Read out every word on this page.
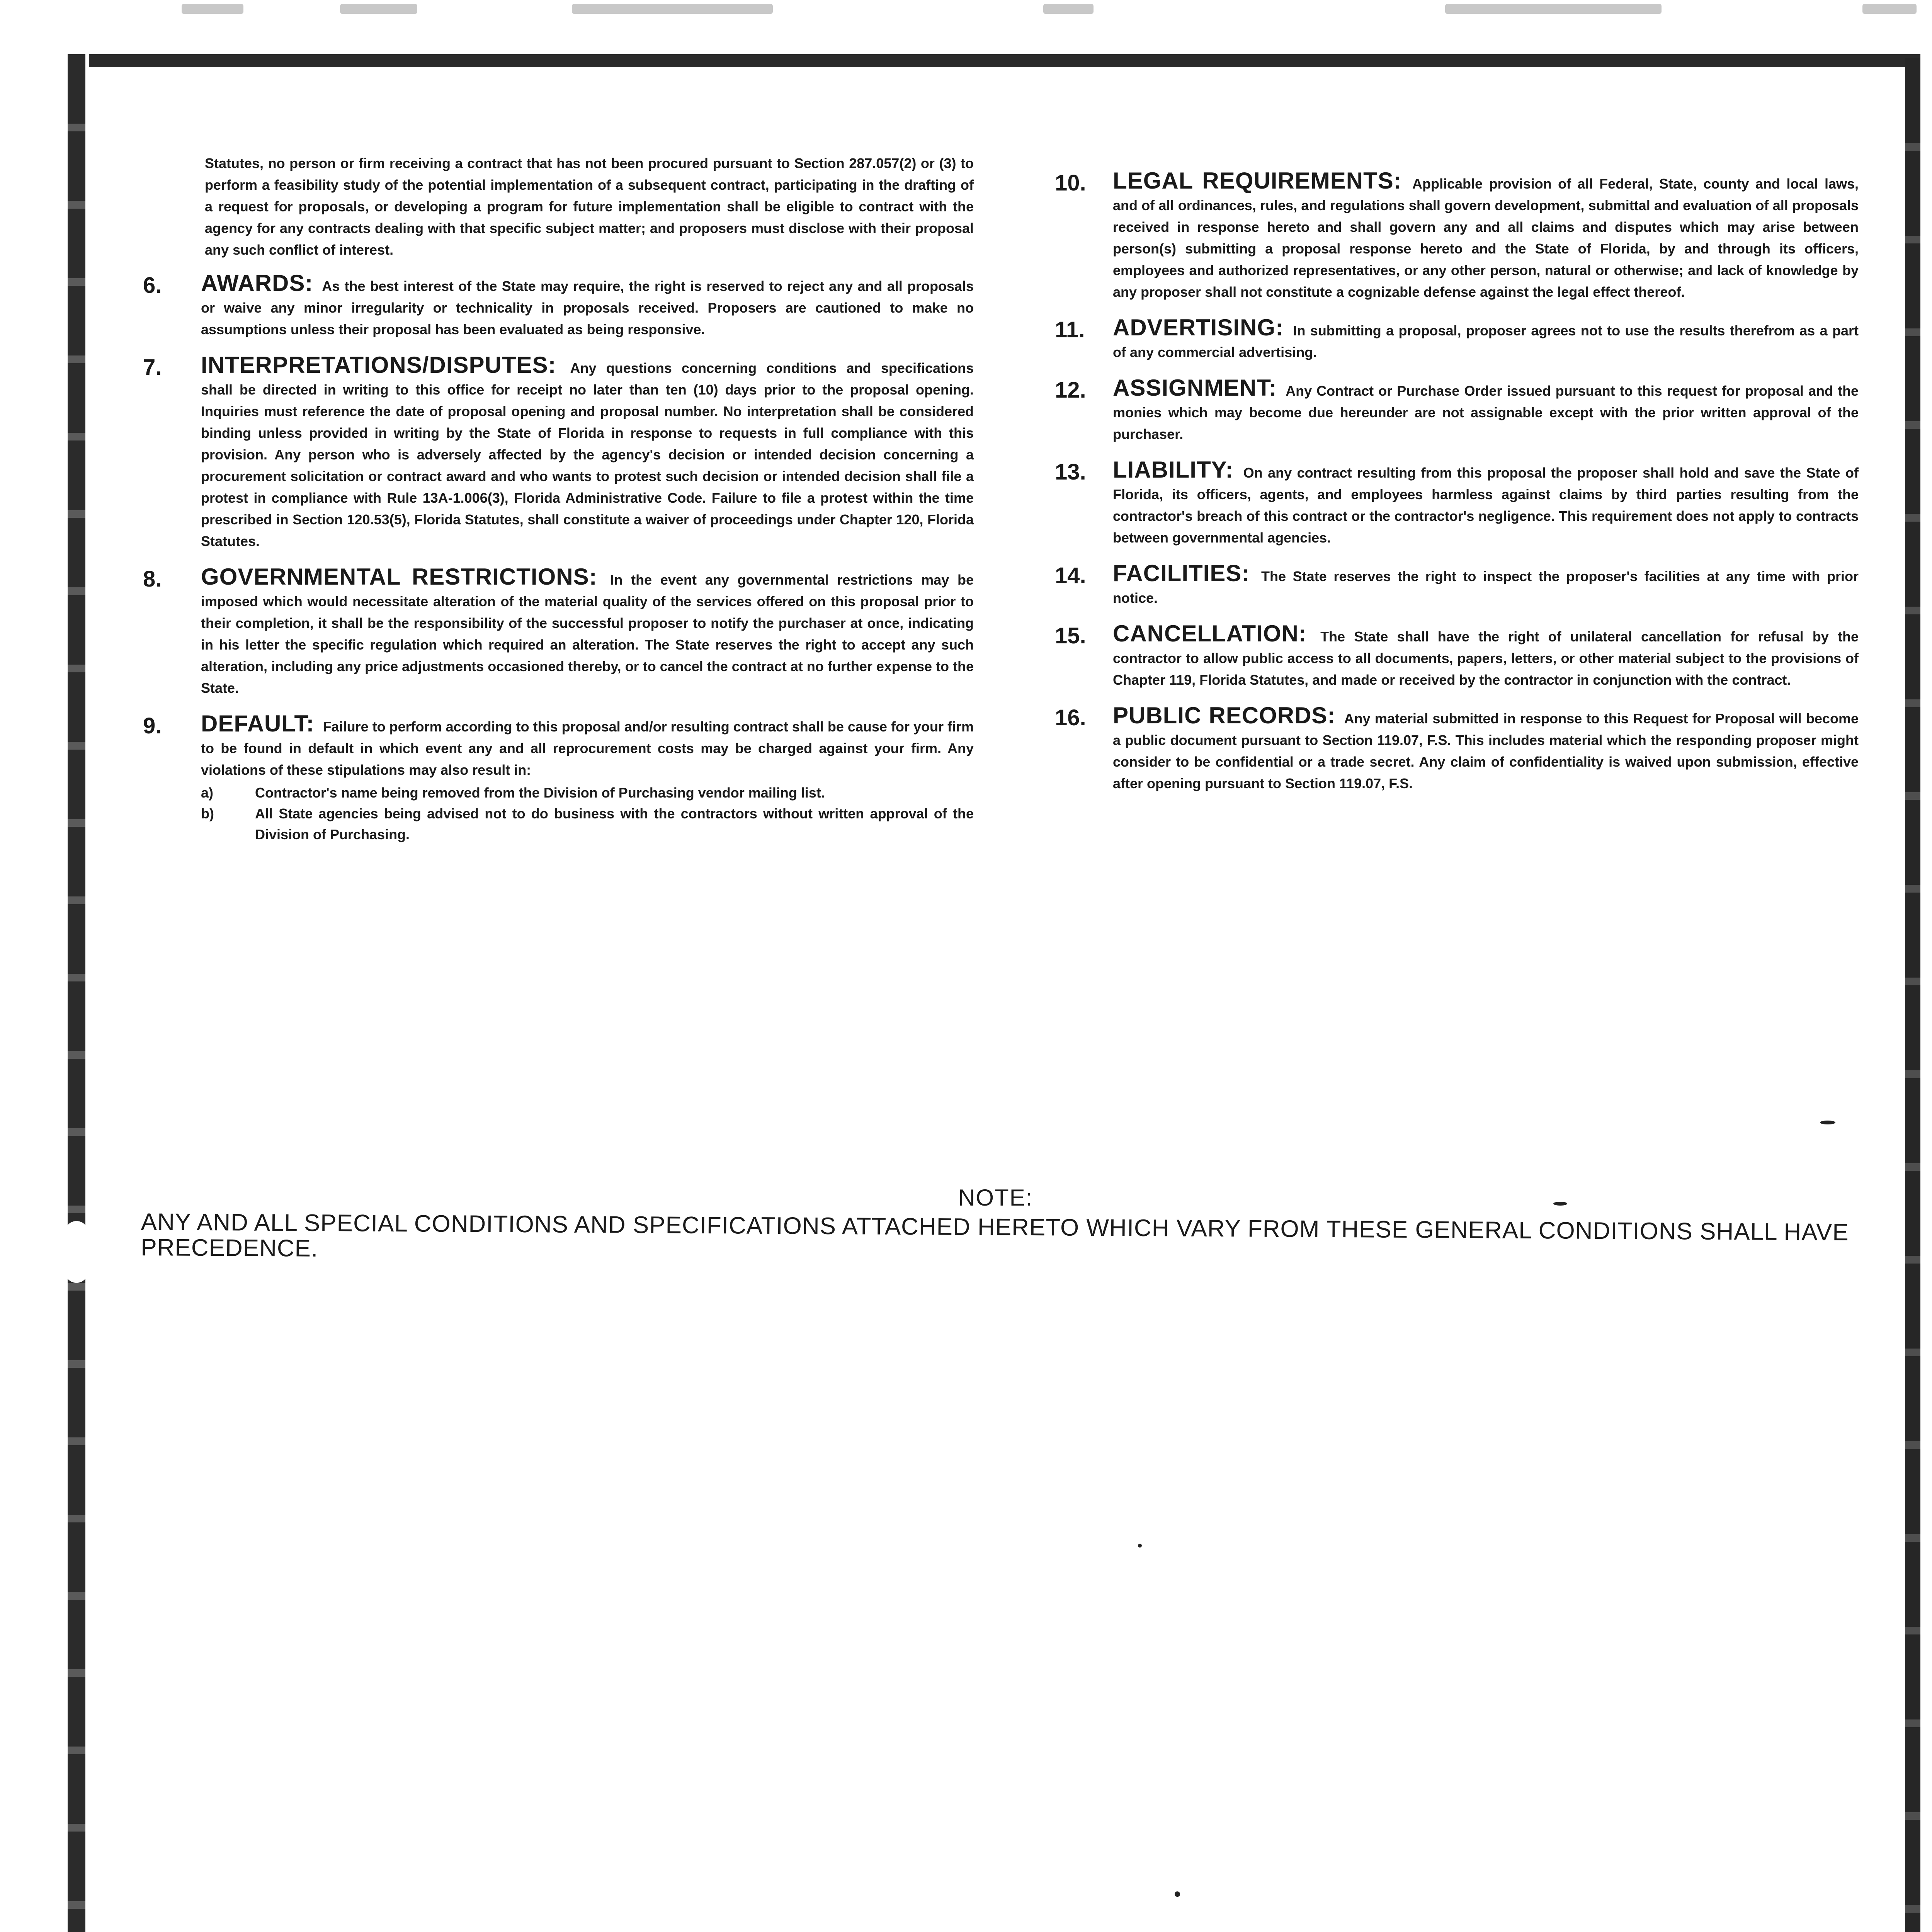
Statutes, no person or firm receiving a contract that has not been procured pursuant to Section 287.057(2) or (3) to perform a feasibility study of the potential implementation of a subsequent contract, participating in the drafting of a request for proposals, or developing a program for future implementation shall be eligible to contract with the agency for any contracts dealing with that specific subject matter; and proposers must disclose with their proposal any such conflict of interest.

6.	AWARDS: As the best interest of the State may require, the right is reserved to reject any and all proposals or waive any minor irregularity or technicality in proposals received. Proposers are cautioned to make no assumptions unless their proposal has been evaluated as being responsive.
7.	INTERPRETATIONS/DISPUTES: Any questions concerning conditions and specifications shall be directed in writing to this office for receipt no later than ten (10) days prior to the proposal opening. Inquiries must reference the date of proposal opening and proposal number. No interpretation shall be considered binding unless provided in writing by the State of Florida in response to requests in full compliance with this provision. Any person who is adversely affected by the agency's decision or intended decision concerning a procurement solicitation or contract award and who wants to protest such decision or intended decision shall file a protest in compliance with Rule 13A-1.006(3), Florida Administrative Code. Failure to file a protest within the time prescribed in Section 120.53(5), Florida Statutes, shall constitute a waiver of proceedings under Chapter 120, Florida Statutes.
8.	GOVERNMENTAL RESTRICTIONS: In the event any governmental restrictions may be imposed which would necessitate alteration of the material quality of the services offered on this proposal prior to their completion, it shall be the responsibility of the successful proposer to notify the purchaser at once, indicating in his letter the specific regulation which required an alteration. The State reserves the right to accept any such alteration, including any price adjustments occasioned thereby, or to cancel the contract at no further expense to the State.
9.	DEFAULT: Failure to perform according to this proposal and/or resulting contract shall be cause for your firm to be found in default in which event any and all reprocurement costs may be charged against your firm. Any violations of these stipulations may also result in:
a)	Contractor's name being removed from the Division of Purchasing vendor mailing list.
b)	All State agencies being advised not to do business with the contractors without written approval of the Division of Purchasing.
10.	LEGAL REQUIREMENTS: Applicable provision of all Federal, State, county and local laws, and of all ordinances, rules, and regulations shall govern development, submittal and evaluation of all proposals received in response hereto and shall govern any and all claims and disputes which may arise between person(s) submitting a proposal response hereto and the State of Florida, by and through its officers, employees and authorized representatives, or any other person, natural or otherwise; and lack of knowledge by any proposer shall not constitute a cognizable defense against the legal effect thereof.
11.	ADVERTISING: In submitting a proposal, proposer agrees not to use the results therefrom as a part of any commercial advertising.
12.	ASSIGNMENT: Any Contract or Purchase Order issued pursuant to this request for proposal and the monies which may become due hereunder are not assignable except with the prior written approval of the purchaser.
13.	LIABILITY: On any contract resulting from this proposal the proposer shall hold and save the State of Florida, its officers, agents, and employees harmless against claims by third parties resulting from the contractor's breach of this contract or the contractor's negligence. This requirement does not apply to contracts between governmental agencies.
14.	FACILITIES: The State reserves the right to inspect the proposer's facilities at any time with prior notice.
15.	CANCELLATION: The State shall have the right of unilateral cancellation for refusal by the contractor to allow public access to all documents, papers, letters, or other material subject to the provisions of Chapter 119, Florida Statutes, and made or received by the contractor in conjunction with the contract.
16.	PUBLIC RECORDS: Any material submitted in response to this Request for Proposal will become a public document pursuant to Section 119.07, F.S. This includes material which the responding proposer might consider to be confidential or a trade secret. Any claim of confidentiality is waived upon submission, effective after opening pursuant to Section 119.07, F.S.
NOTE:
ANY AND ALL SPECIAL CONDITIONS AND SPECIFICATIONS ATTACHED HERETO WHICH VARY FROM THESE GENERAL CONDITIONS SHALL HAVE PRECEDENCE.
